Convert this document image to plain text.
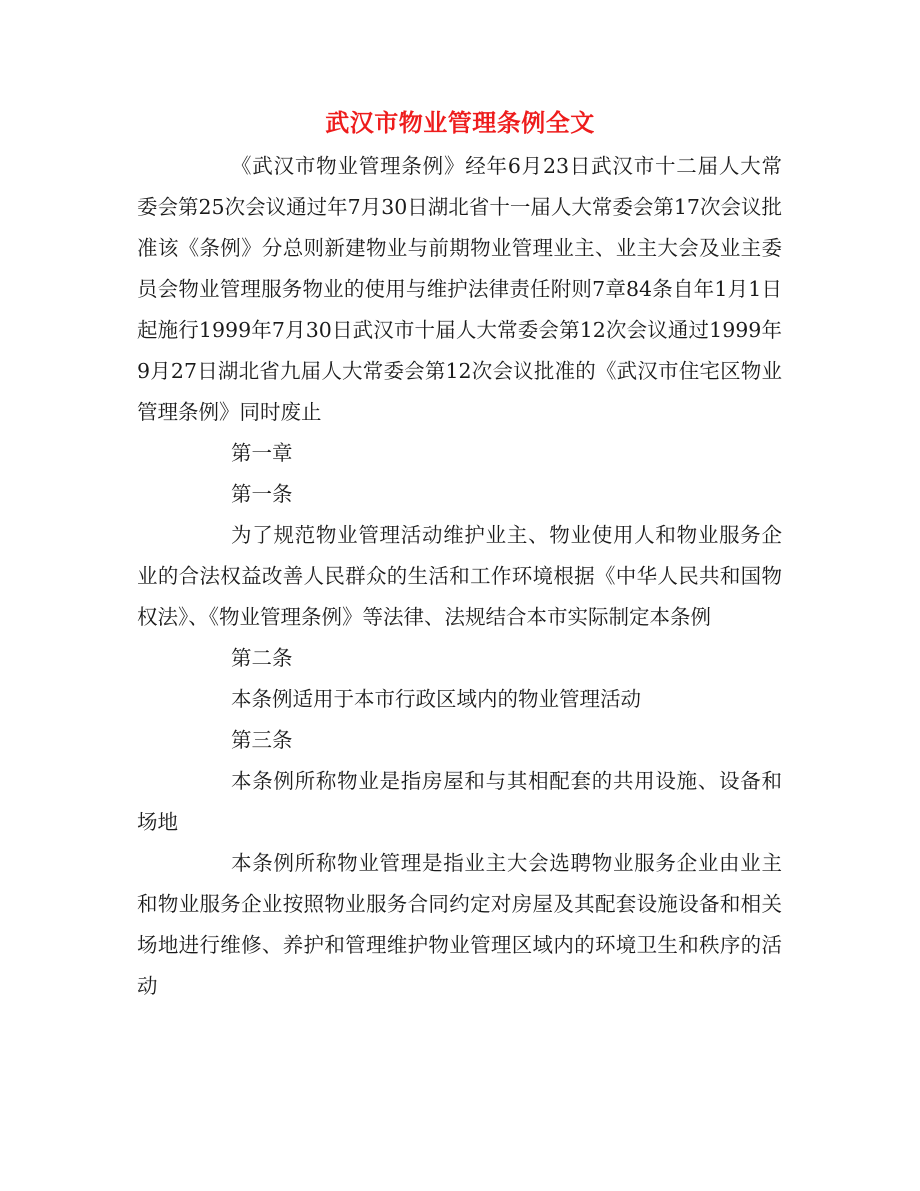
武汉市物业管理条例全文

《武汉市物业管理条例》经年6月23日武汉市十二届人大常委会第25次会议通过年7月30日湖北省十一届人大常委会第17次会议批准该《条例》分总则新建物业与前期物业管理业主、业主大会及业主委员会物业管理服务物业的使用与维护法律责任附则7章84条自年1月1日起施行1999年7月30日武汉市十届人大常委会第12次会议通过1999年9月27日湖北省九届人大常委会第12次会议批准的《武汉市住宅区物业管理条例》同时废止

第一章

第一条

为了规范物业管理活动维护业主、物业使用人和物业服务企业的合法权益改善人民群众的生活和工作环境根据《中华人民共和国物权法》、《物业管理条例》等法律、法规结合本市实际制定本条例

第二条

本条例适用于本市行政区域内的物业管理活动

第三条

本条例所称物业是指房屋和与其相配套的共用设施、设备和场地

本条例所称物业管理是指业主大会选聘物业服务企业由业主和物业服务企业按照物业服务合同约定对房屋及其配套设施设备和相关场地进行维修、养护和管理维护物业管理区域内的环境卫生和秩序的活动
